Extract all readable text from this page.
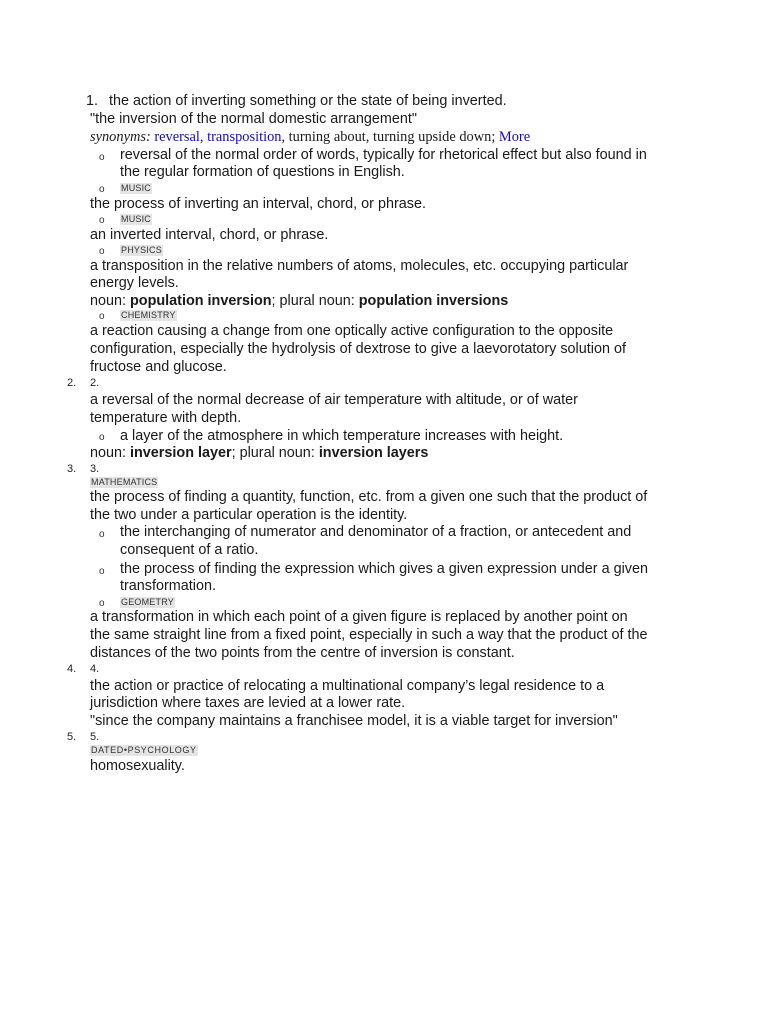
1. the action of inverting something or the state of being inverted.
"the inversion of the normal domestic arrangement"
synonyms: reversal, transposition, turning about, turning upside down; More
o reversal of the normal order of words, typically for rhetorical effect but also found in
the regular formation of questions in English.
o MUSIC
the process of inverting an interval, chord, or phrase.
o MUSIC
an inverted interval, chord, or phrase.
o PHYSICS
a transposition in the relative numbers of atoms, molecules, etc. occupying particular
energy levels.
noun: population inversion; plural noun: population inversions
o CHEMISTRY
a reaction causing a change from one optically active configuration to the opposite
configuration, especially the hydrolysis of dextrose to give a laevorotatory solution of
fructose and glucose.
2. 2.
a reversal of the normal decrease of air temperature with altitude, or of water
temperature with depth.
o a layer of the atmosphere in which temperature increases with height.
noun: inversion layer; plural noun: inversion layers
3. 3.
MATHEMATICS
the process of finding a quantity, function, etc. from a given one such that the product of
the two under a particular operation is the identity.
o the interchanging of numerator and denominator of a fraction, or antecedent and
consequent of a ratio.
o the process of finding the expression which gives a given expression under a given
transformation.
o GEOMETRY
a transformation in which each point of a given figure is replaced by another point on
the same straight line from a fixed point, especially in such a way that the product of the
distances of the two points from the centre of inversion is constant.
4. 4.
the action or practice of relocating a multinational company’s legal residence to a
jurisdiction where taxes are levied at a lower rate.
"since the company maintains a franchisee model, it is a viable target for inversion"
5. 5.
DATED•PSYCHOLOGY
homosexuality.
